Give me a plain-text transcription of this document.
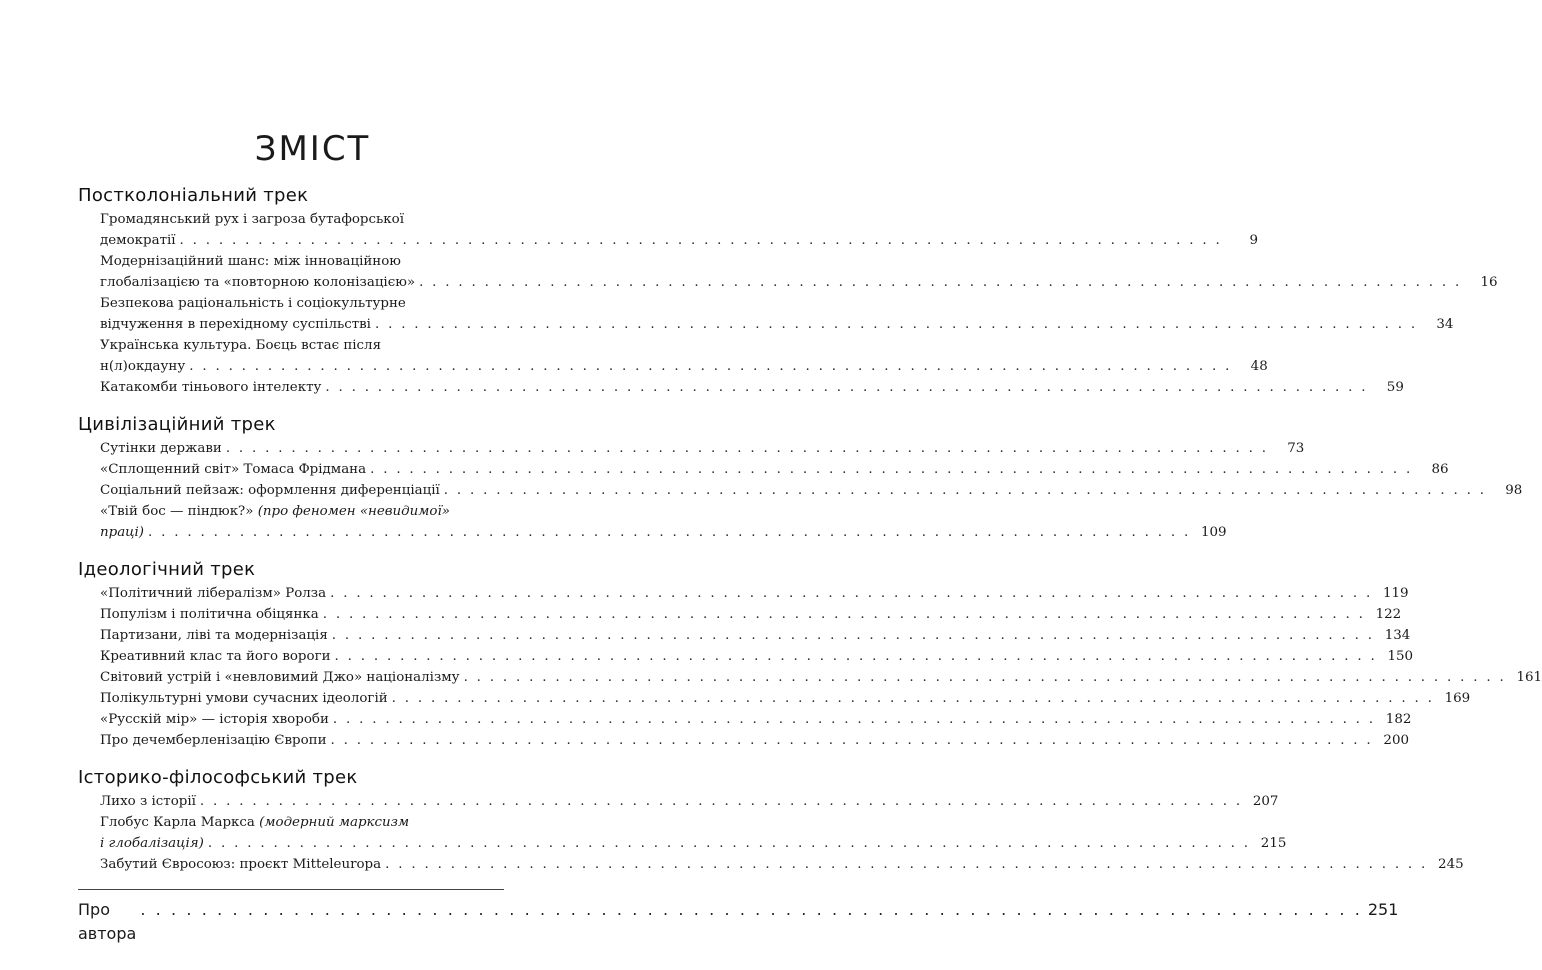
ЗМІСТ
Постколоніальний трек
Громадянський рух і загроза бутафорської
демократії . . . . . . . . . . . . . . . . . . . . . . . . . . . . . . . . . . . . . . . . . . . . . . . . . . . . . . . . . . . . . . . . . . . . . . . . . . . . . . . .	9
Модернізаційний шанс: між інноваційною
глобалізацією та «повторною колонізацією» . . . . . . . . . . . . . . . . . . . . . . . . . . . . . . . . . . . . . . . . . . . . . . . . . . . . . . . . . . . . . . . . . . . . . . . . . . . . . . . .	16
Безпекова раціональність і соціокультурне
відчуження в перехідному суспільстві . . . . . . . . . . . . . . . . . . . . . . . . . . . . . . . . . . . . . . . . . . . . . . . . . . . . . . . . . . . . . . . . . . . . . . . . . . . . . . . .	34
Українська культура. Боєць встає після
н(л)окдауну . . . . . . . . . . . . . . . . . . . . . . . . . . . . . . . . . . . . . . . . . . . . . . . . . . . . . . . . . . . . . . . . . . . . . . . . . . . . . . . .	48
Катакомби тіньового інтелекту . . . . . . . . . . . . . . . . . . . . . . . . . . . . . . . . . . . . . . . . . . . . . . . . . . . . . . . . . . . . . . . . . . . . . . . . . . . . . . . .	59
Цивілізаційний трек
Сутінки держави . . . . . . . . . . . . . . . . . . . . . . . . . . . . . . . . . . . . . . . . . . . . . . . . . . . . . . . . . . . . . . . . . . . . . . . . . . . . . . . .	73
«Сплощенний світ» Томаса Фрідмана . . . . . . . . . . . . . . . . . . . . . . . . . . . . . . . . . . . . . . . . . . . . . . . . . . . . . . . . . . . . . . . . . . . . . . . . . . . . . . . .	86
Соціальний пейзаж: оформлення диференціації . . . . . . . . . . . . . . . . . . . . . . . . . . . . . . . . . . . . . . . . . . . . . . . . . . . . . . . . . . . . . . . . . . . . . . . . . . . . . . . .	98
«Твій бос — піндюк?» (про феномен «невидимої»
праці) . . . . . . . . . . . . . . . . . . . . . . . . . . . . . . . . . . . . . . . . . . . . . . . . . . . . . . . . . . . . . . . . . . . . . . . . . . . . . . . . 109
Ідеологічний трек
«Політичний лібералізм» Ролза . . . . . . . . . . . . . . . . . . . . . . . . . . . . . . . . . . . . . . . . . . . . . . . . . . . . . . . . . . . . . . . . . . . . . . . . . . . . . . . . 119
Популізм і політична обіцянка . . . . . . . . . . . . . . . . . . . . . . . . . . . . . . . . . . . . . . . . . . . . . . . . . . . . . . . . . . . . . . . . . . . . . . . . . . . . . . . . 122
Партизани, ліві та модернізація . . . . . . . . . . . . . . . . . . . . . . . . . . . . . . . . . . . . . . . . . . . . . . . . . . . . . . . . . . . . . . . . . . . . . . . . . . . . . . . . 134
Креативний клас та його вороги . . . . . . . . . . . . . . . . . . . . . . . . . . . . . . . . . . . . . . . . . . . . . . . . . . . . . . . . . . . . . . . . . . . . . . . . . . . . . . . . 150
Світовий устрій і «невловимий Джо» націоналізму . . . . . . . . . . . . . . . . . . . . . . . . . . . . . . . . . . . . . . . . . . . . . . . . . . . . . . . . . . . . . . . . . . . . . . . . . . . . . . . . 161
Полікультурні умови сучасних ідеологій . . . . . . . . . . . . . . . . . . . . . . . . . . . . . . . . . . . . . . . . . . . . . . . . . . . . . . . . . . . . . . . . . . . . . . . . . . . . . . . . 169
«Русскій мір» — історія хвороби . . . . . . . . . . . . . . . . . . . . . . . . . . . . . . . . . . . . . . . . . . . . . . . . . . . . . . . . . . . . . . . . . . . . . . . . . . . . . . . . 182
Про дечемберленізацію Європи . . . . . . . . . . . . . . . . . . . . . . . . . . . . . . . . . . . . . . . . . . . . . . . . . . . . . . . . . . . . . . . . . . . . . . . . . . . . . . . . 200
Історико-філософський трек
Лихо з історії . . . . . . . . . . . . . . . . . . . . . . . . . . . . . . . . . . . . . . . . . . . . . . . . . . . . . . . . . . . . . . . . . . . . . . . . . . . . . . . . 207
Глобус Карла Маркса (модерний марксизм
і глобалізація) . . . . . . . . . . . . . . . . . . . . . . . . . . . . . . . . . . . . . . . . . . . . . . . . . . . . . . . . . . . . . . . . . . . . . . . . . . . . . . . . 215
Забутий Євросоюз: проєкт Mitteleuropa . . . . . . . . . . . . . . . . . . . . . . . . . . . . . . . . . . . . . . . . . . . . . . . . . . . . . . . . . . . . . . . . . . . . . . . . . . . . . . . . 245
Про автора
. . . . . . . . . . . . . . . . . . . . . . . . . . . . . . . . . . . . . . . . . . . . . . . . . . . . . . . . . . . . . . . . . . . . . . . . . . . . . . . . 251
